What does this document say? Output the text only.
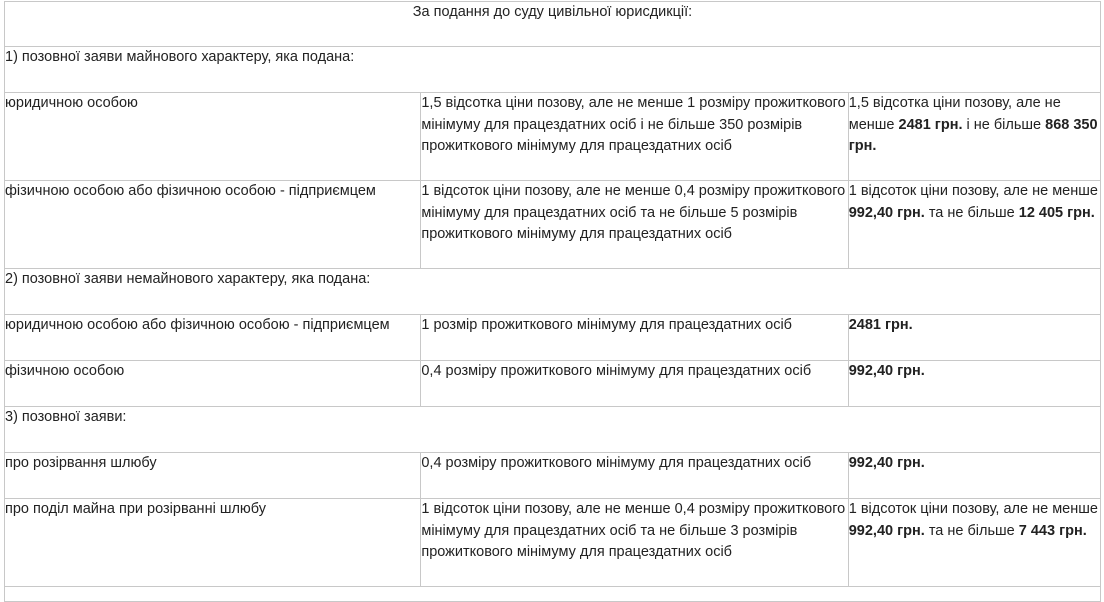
За подання до суду цивільної юрисдикції:		
1) позовної заяви майнового характеру, яка подана:		
юридичною особою	1,5 відсотка ціни позову, але не менше 1 розміру прожиткового мінімуму для працездатних осіб і не більше 350 розмірів прожиткового мінімуму для працездатних осіб	1,5 відсотка ціни позову, але не менше 2481 грн. і не більше 868 350 грн.
фізичною особою або фізичною особою - підприємцем	1 відсоток ціни позову, але не менше 0,4 розміру прожиткового мінімуму для працездатних осіб та не більше 5 розмірів прожиткового мінімуму для працездатних осіб	1 відсоток ціни позову, але не менше 992,40 грн. та не більше 12 405 грн.
2) позовної заяви немайнового характеру, яка подана:		
юридичною особою або фізичною особою - підприємцем	1 розмір прожиткового мінімуму для працездатних осіб	2481 грн.
фізичною особою	0,4 розміру прожиткового мінімуму для працездатних осіб	992,40 грн.
3) позовної заяви:		
про розірвання шлюбу	0,4 розміру прожиткового мінімуму для працездатних осіб	992,40 грн.
про поділ майна при розірванні шлюбу	1 відсоток ціни позову, але не менше 0,4 розміру прожиткового мінімуму для працездатних осіб та не більше 3 розмірів прожиткового мінімуму для працездатних осіб	1 відсоток ціни позову, але не менше 992,40 грн. та не більше 7 443 грн.
